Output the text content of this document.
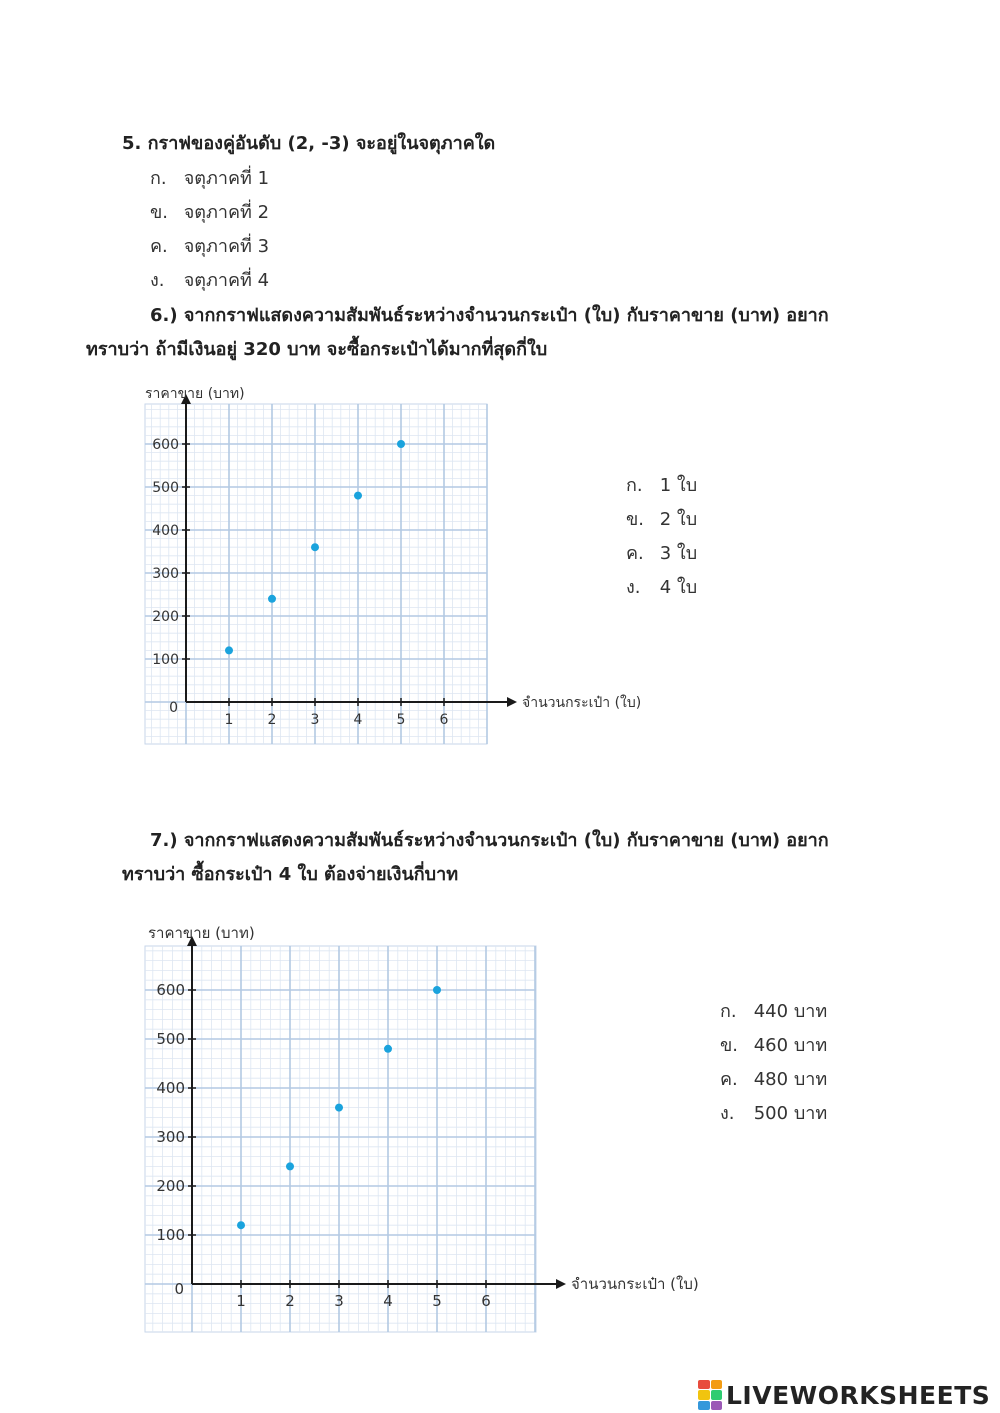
5. กราฟของคู่อันดับ (2, -3) จะอยู่ในจตุภาคใด
ก. จตุภาคที่ 1
ข. จตุภาคที่ 2
ค. จตุภาคที่ 3
ง. จตุภาคที่ 4
6.) จากกราฟแสดงความสัมพันธ์ระหว่างจำนวนกระเป๋า (ใบ) กับราคาขาย (บาท) อยาก
ทราบว่า ถ้ามีเงินอยู่ 320 บาท จะซื้อกระเป๋าได้มากที่สุดกี่ใบ
1 2 3 4 5 6
100
200
300
400
500
600
0
ราคาขาย (บาท)
จำนวนกระเป๋า (ใบ)
ก. 1 ใบ
ข. 2 ใบ
ค. 3 ใบ
ง. 4 ใบ
7.) จากกราฟแสดงความสัมพันธ์ระหว่างจำนวนกระเป๋า (ใบ) กับราคาขาย (บาท) อยาก
ทราบว่า ซื้อกระเป๋า 4 ใบ ต้องจ่ายเงินกี่บาท
1	2	3	4	5	6
100
200
300
400
500
600
0
ราคาขาย (บาท)
จำนวนกระเป๋า (ใบ)
ก. 440 บาท
ข. 460 บาท
ค. 480 บาท
ง. 500 บาท
LIVEWORKSHEETS
